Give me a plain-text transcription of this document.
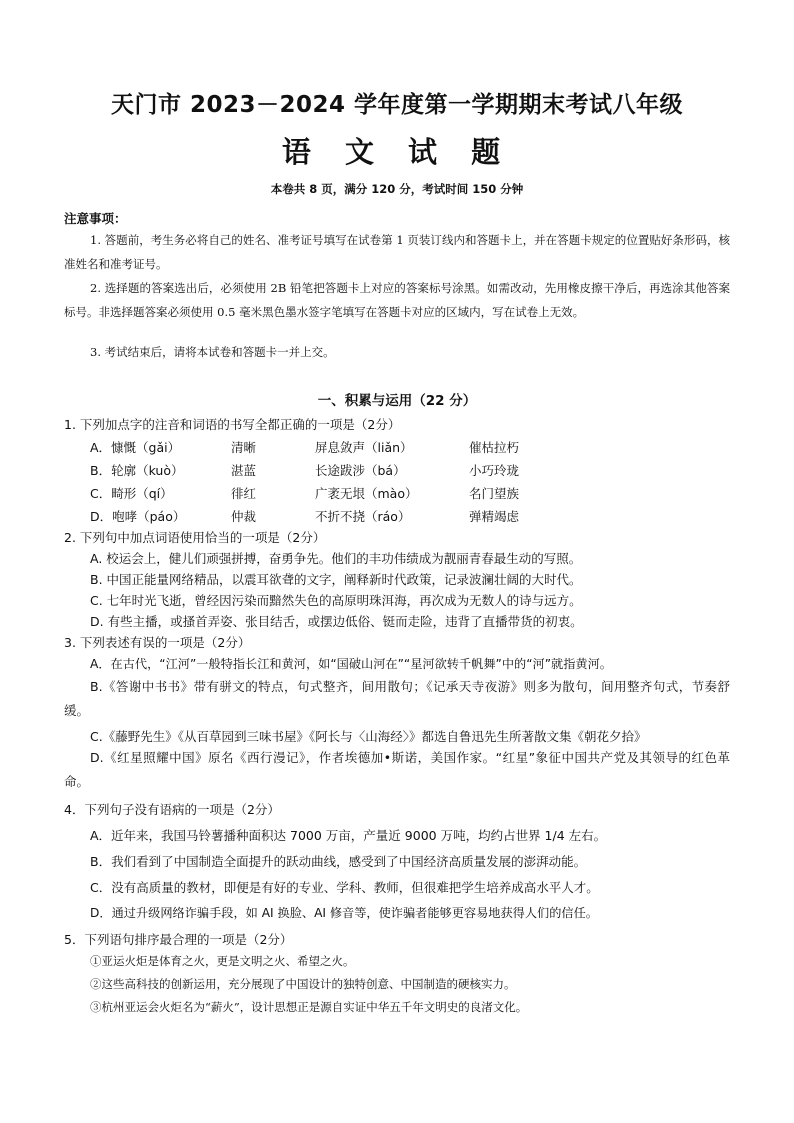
天门市 2023－2024 学年度第一学期期末考试八年级
语 文 试 题
本卷共 8 页，满分 120 分，考试时间 150 分钟
注意事项：
1. 答题前，考生务必将自己的姓名、准考证号填写在试卷第 1 页装订线内和答题卡上，并在答题卡规定的位置贴好条形码，核准姓名和准考证号。
2. 选择题的答案选出后，必须使用 2B 铅笔把答题卡上对应的答案标号涂黑。如需改动，先用橡皮擦干净后，再选涂其他答案标号。非选择题答案必须使用 0.5 毫米黑色墨水签字笔填写在答题卡对应的区域内，写在试卷上无效。
3. 考试结束后，请将本试卷和答题卡一并上交。
一、积累与运用（22 分）
1. 下列加点字的注音和词语的书写全都正确的一项是（2分）
A．慷慨（gǎi）	清晰	屏息敛声（liǎn）	催枯拉朽
B．轮廓（kuò）	湛蓝	长途跋涉（bá）	小巧玲珑
C．畸形（qí）	徘红	广袤无垠（mào）	名门望族
D．咆哮（páo）	仲裁	不折不挠（ráo）	弹精竭虑
2. 下列句中加点词语使用恰当的一项是（2分）
A. 校运会上，健儿们顽强拼搏，奋勇争先。他们的丰功伟绩成为靓丽青春最生动的写照。
B. 中国正能量网络精品，以震耳欲聋的文字，阐释新时代政策，记录波澜壮阔的大时代。
C. 七年时光飞逝，曾经因污染而黯然失色的高原明珠洱海，再次成为无数人的诗与远方。
D. 有些主播，或搔首弄姿、张目结舌，或摆边低俗、铤而走险，违背了直播带货的初衷。
3. 下列表述有误的一项是（2分）
A．在古代，“江河”一般特指长江和黄河，如“国破山河在”“星河欲转千帆舞”中的“河”就指黄河。
B.《答谢中书书》带有骈文的特点，句式整齐，间用散句；《记承天寺夜游》则多为散句，间用整齐句式，节奏舒缓。
C.《藤野先生》《从百草园到三味书屋》《阿长与〈山海经〉》都选自鲁迅先生所著散文集《朝花夕拾》
D.《红星照耀中国》原名《西行漫记》，作者埃德加•斯诺，美国作家。“红星”象征中国共产党及其领导的红色革命。
4．下列句子没有语病的一项是（2分）
A．近年来，我国马铃薯播种面积达 7000 万亩，产量近 9000 万吨，均约占世界 1/4 左右。
B．我们看到了中国制造全面提升的跃动曲线，感受到了中国经济高质量发展的澎湃动能。
C．没有高质量的教材，即便是有好的专业、学科、教师，但很难把学生培养成高水平人才。
D．通过升级网络诈骗手段，如 AI 换脸、AI 修音等，使诈骗者能够更容易地获得人们的信任。
5．下列语句排序最合理的一项是（2分）
①亚运火炬是体育之火，更是文明之火、希望之火。
②这些高科技的创新运用，充分展现了中国设计的独特创意、中国制造的硬核实力。
③杭州亚运会火炬名为“薪火”，设计思想正是源自实证中华五千年文明史的良渚文化。
